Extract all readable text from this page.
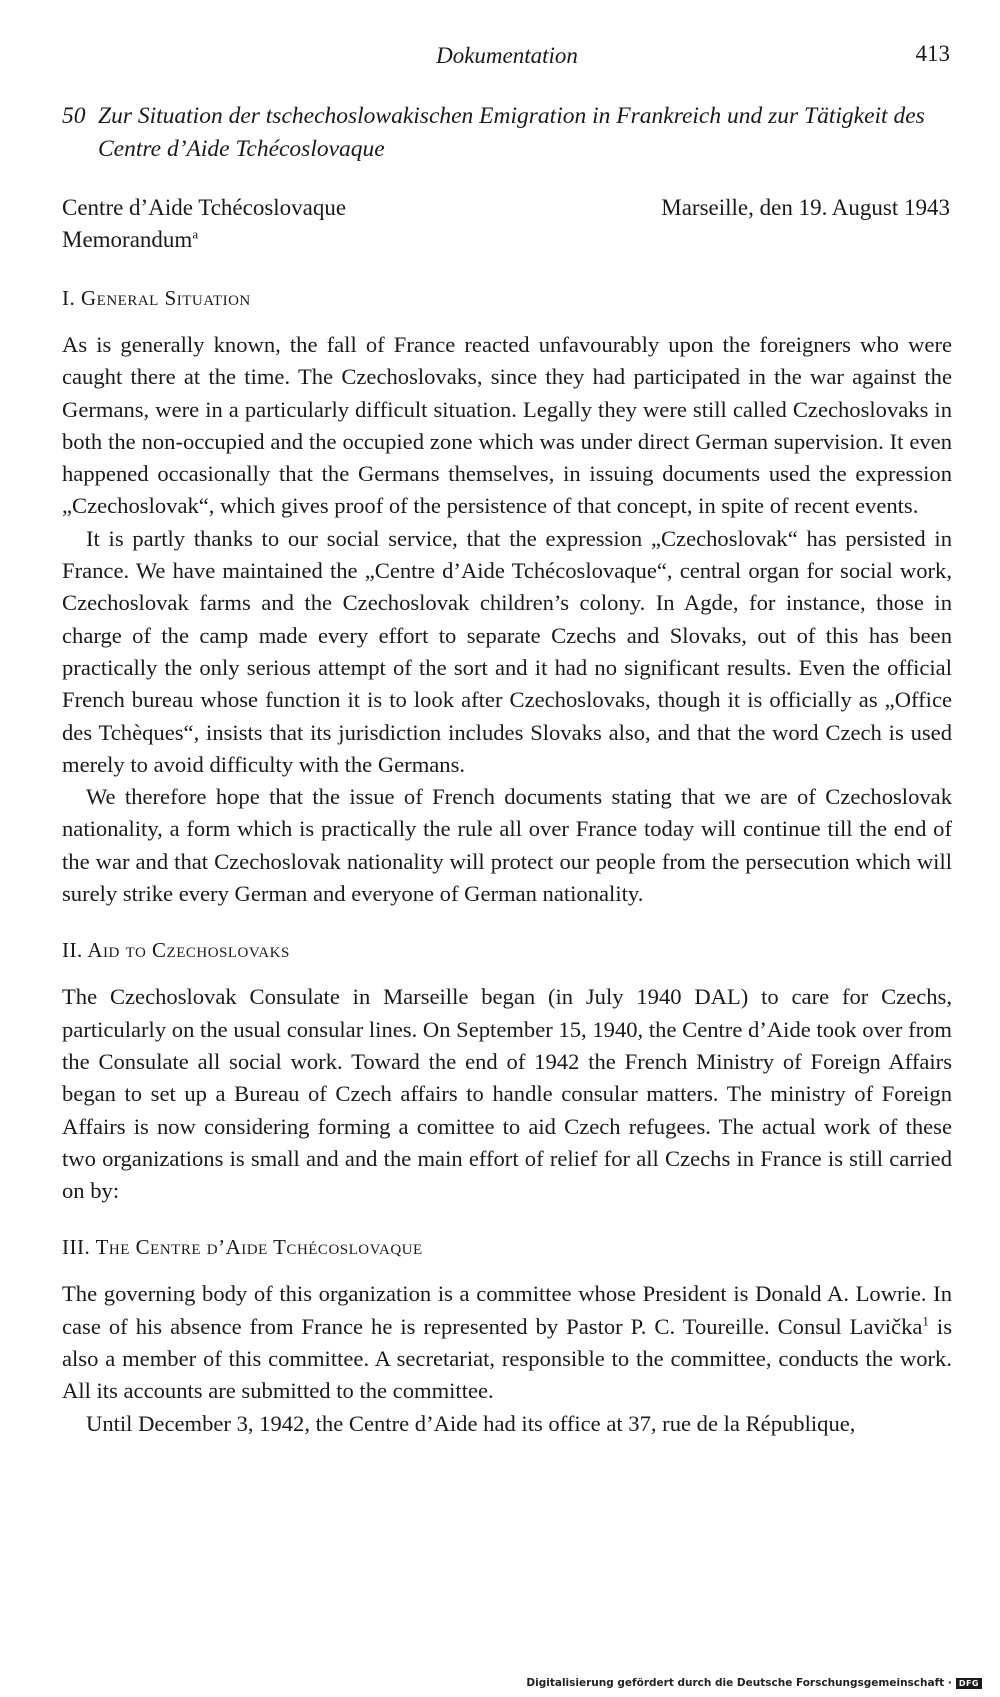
Dokumentation	413
50 Zur Situation der tschechoslowakischen Emigration in Frankreich und zur Tätigkeit des Centre d’Aide Tchécoslovaque
Centre d’Aide Tchécoslovaque
Memorandum$^a$
Marseille, den 19. August 1943
I. General Situation

As is generally known, the fall of France reacted unfavourably upon the foreigners who were caught there at the time. The Czechoslovaks, since they had participated in the war against the Germans, were in a particularly difficult situation. Legally they were still called Czechoslovaks in both the non-occupied and the occupied zone which was under direct German supervision. It even happened occasionally that the Germans themselves, in issuing documents used the expression „Czechoslovak“, which gives proof of the persistence of that concept, in spite of recent events.

It is partly thanks to our social service, that the expression „Czechoslovak“ has persisted in France. We have maintained the „Centre d’Aide Tchécoslovaque“, central organ for social work, Czechoslovak farms and the Czechoslovak children’s colony. In Agde, for instance, those in charge of the camp made every effort to separate Czechs and Slovaks, out of this has been practically the only serious attempt of the sort and it had no significant results. Even the official French bureau whose function it is to look after Czechoslovaks, though it is officially as „Office des Tchèques“, insists that its jurisdiction includes Slovaks also, and that the word Czech is used merely to avoid difficulty with the Germans.

We therefore hope that the issue of French documents stating that we are of Czechoslovak nationality, a form which is practically the rule all over France today will continue till the end of the war and that Czechoslovak nationality will protect our people from the persecution which will surely strike every German and everyone of German nationality.

II. Aid to Czechoslovaks

The Czechoslovak Consulate in Marseille began (in July 1940 DAL) to care for Czechs, particularly on the usual consular lines. On September 15, 1940, the Centre d’Aide took over from the Consulate all social work. Toward the end of 1942 the French Ministry of Foreign Affairs began to set up a Bureau of Czech affairs to handle consular matters. The ministry of Foreign Affairs is now considering forming a comittee to aid Czech refugees. The actual work of these two organizations is small and and the main effort of relief for all Czechs in France is still carried on by:

III. The Centre d’Aide Tchécoslovaque

The governing body of this organization is a committee whose President is Donald A. Lowrie. In case of his absence from France he is represented by Pastor P. C. Toureille. Consul Lavička$^1$ is also a member of this committee. A secretariat, responsible to the committee, conducts the work. All its accounts are submitted to the committee.

Until December 3, 1942, the Centre d’Aide had its office at 37, rue de la République,

Digitalisierung gefördert durch die Deutsche Forschungsgemeinschaft · DFG
